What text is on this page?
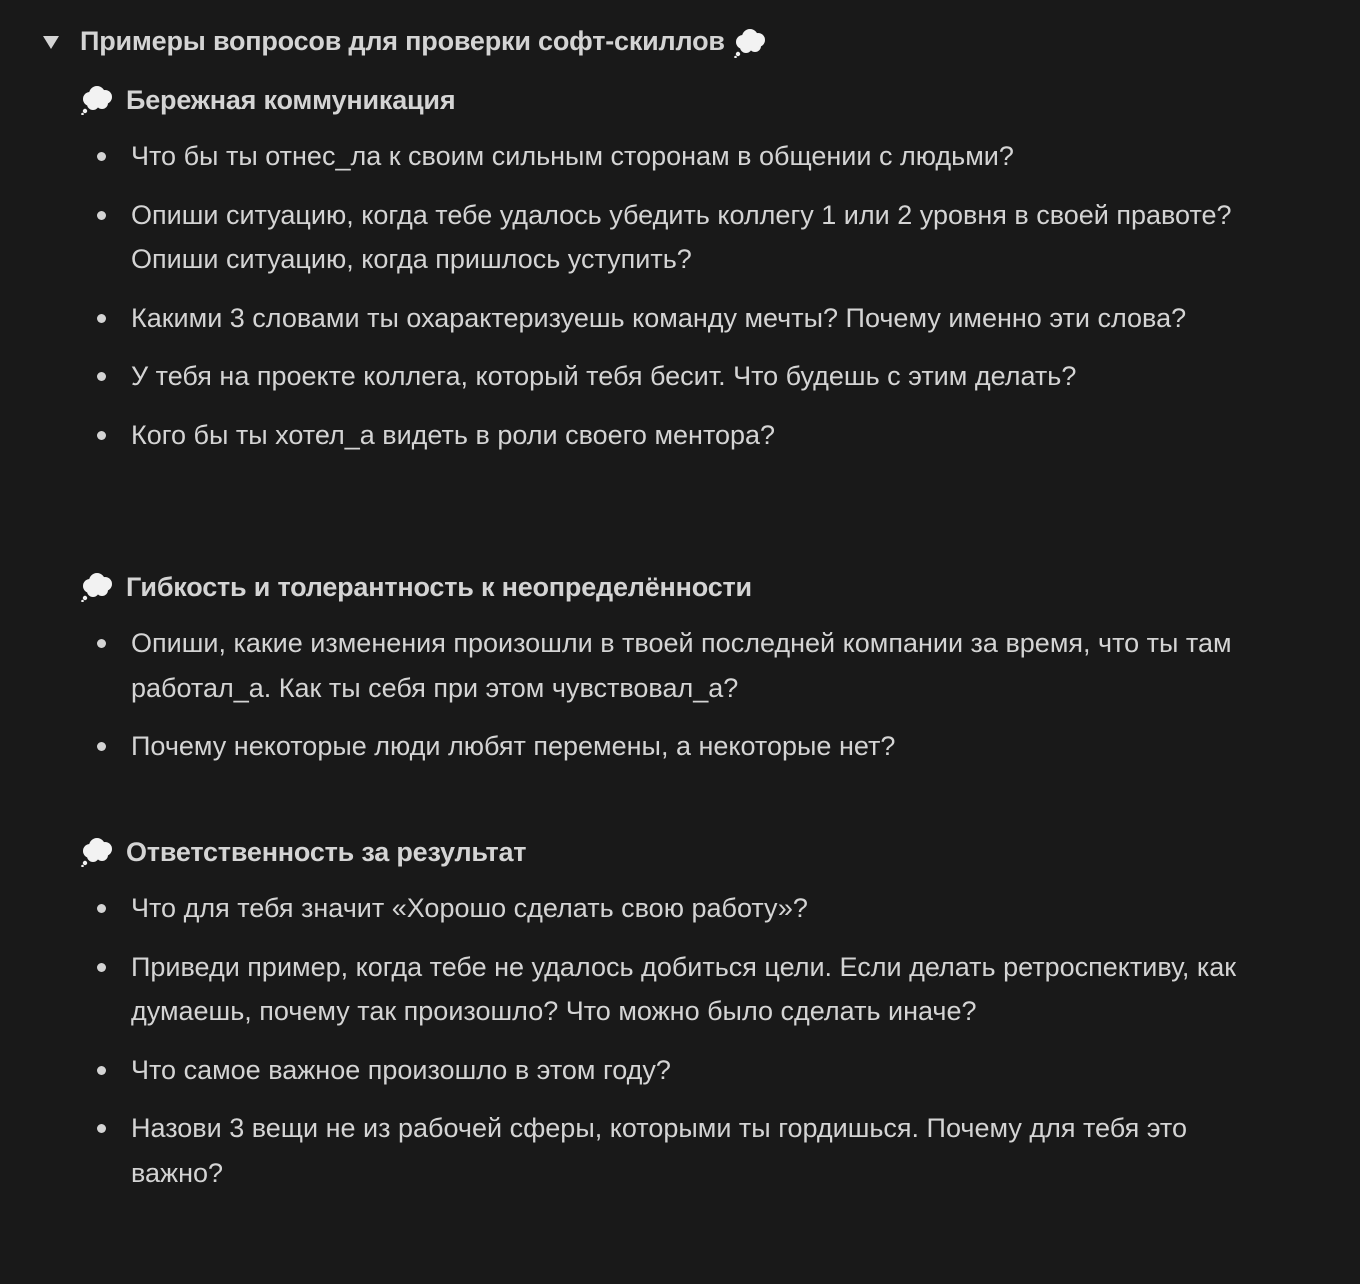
Примеры вопросов для проверки софт-скиллов
Бережная коммуникация
Что бы ты отнес_ла к своим сильным сторонам в общении с людьми?
Опиши ситуацию, когда тебе удалось убедить коллегу 1 или 2 уровня в своей правоте? Опиши ситуацию, когда пришлось уступить?
Какими 3 словами ты охарактеризуешь команду мечты? Почему именно эти слова?
У тебя на проекте коллега, который тебя бесит. Что будешь с этим делать?
Кого бы ты хотел_а видеть в роли своего ментора?
Гибкость и толерантность к неопределённости
Опиши, какие изменения произошли в твоей последней компании за время, что ты там работал_а. Как ты себя при этом чувствовал_а?
Почему некоторые люди любят перемены, а некоторые нет?
Ответственность за результат
Что для тебя значит «Хорошо сделать свою работу»?
Приведи пример, когда тебе не удалось добиться цели. Если делать ретроспективу, как думаешь, почему так произошло? Что можно было сделать иначе?
Что самое важное произошло в этом году?
Назови 3 вещи не из рабочей сферы, которыми ты гордишься. Почему для тебя это важно?
